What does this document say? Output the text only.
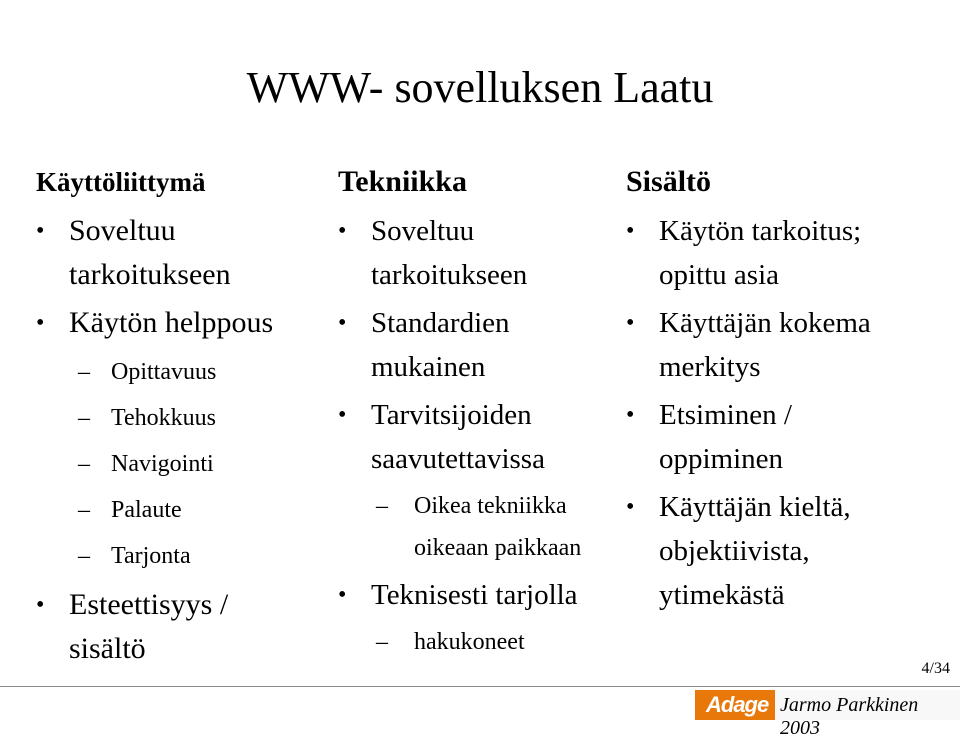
WWW- sovelluksen Laatu
Käyttöliittymä
• Soveltuu
tarkoitukseen
• Käytön helppous
– Opittavuus
– Tehokkuus
– Navigointi
– Palaute
– Tarjonta
• Esteettisyys /
sisältö
Tekniikka
• Soveltuu
tarkoitukseen
• Standardien
mukainen
• Tarvitsijoiden
saavutettavissa
– Oikea tekniikka
oikeaan paikkaan
• Teknisesti tarjolla
– hakukoneet
Sisältö
• Käytön tarkoitus;
opittu asia
• Käyttäjän kokema
merkitys
• Etsiminen /
oppiminen
• Käyttäjän kieltä,
objektiivista,
ytimekästä
4/34
Adage Jarmo Parkkinen 2003
